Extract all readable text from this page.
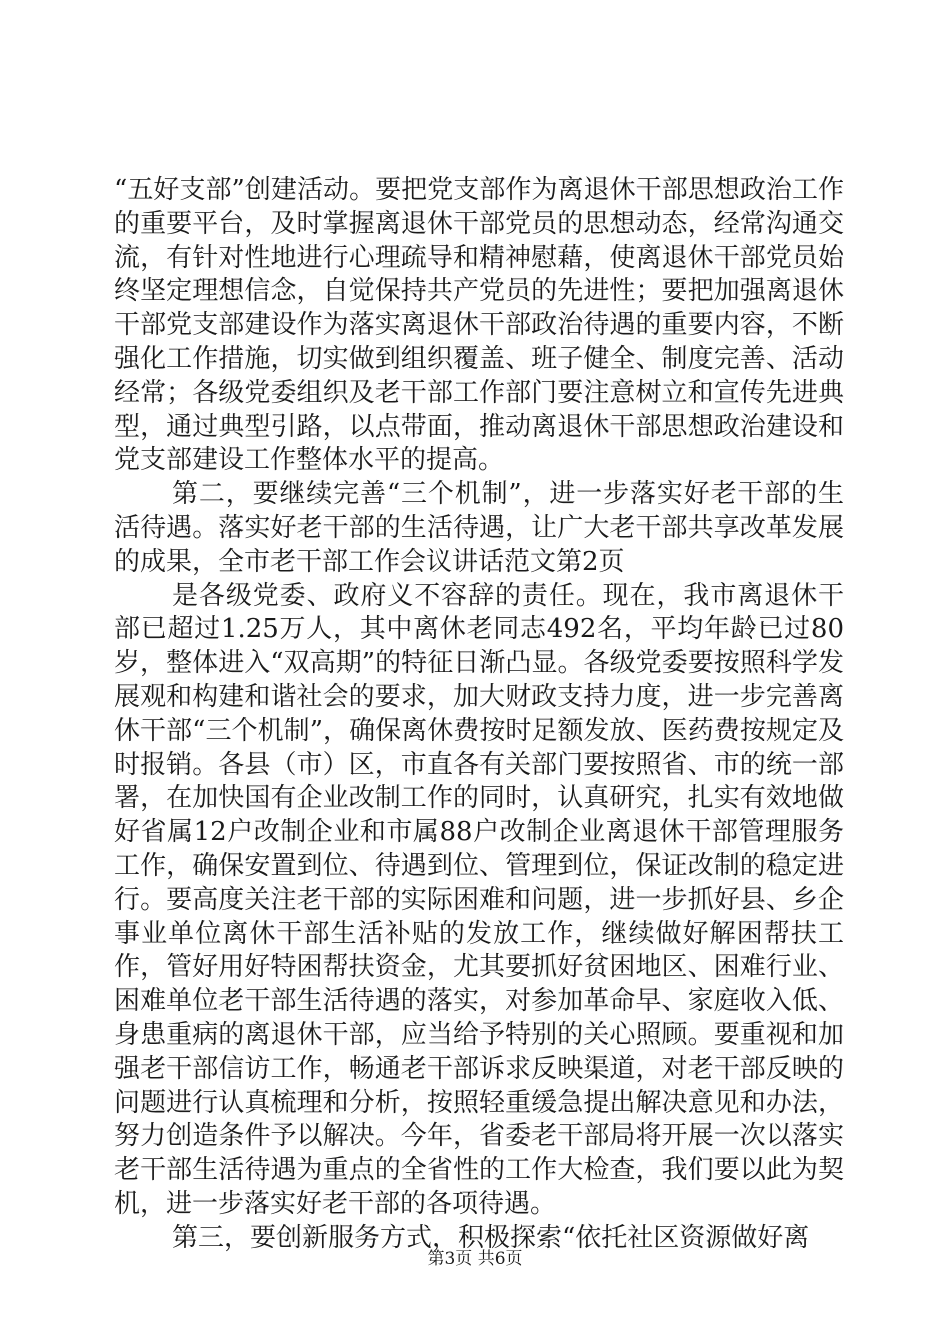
“五好支部”创建活动。要把党支部作为离退休干部思想政治工作的重要平台，及时掌握离退休干部党员的思想动态，经常沟通交流，有针对性地进行心理疏导和精神慰藉，使离退休干部党员始终坚定理想信念，自觉保持共产党员的先进性；要把加强离退休干部党支部建设作为落实离退休干部政治待遇的重要内容，不断强化工作措施，切实做到组织覆盖、班子健全、制度完善、活动经常；各级党委组织及老干部工作部门要注意树立和宣传先进典型，通过典型引路，以点带面，推动离退休干部思想政治建设和党支部建设工作整体水平的提高。

第二，要继续完善“三个机制”，进一步落实好老干部的生活待遇。落实好老干部的生活待遇，让广大老干部共享改革发展的成果，全市老干部工作会议讲话范文第2页

是各级党委、政府义不容辞的责任。现在，我市离退休干部已超过1.25万人，其中离休老同志492名，平均年龄已过80岁，整体进入“双高期”的特征日渐凸显。各级党委要按照科学发展观和构建和谐社会的要求，加大财政支持力度，进一步完善离休干部“三个机制”，确保离休费按时足额发放、医药费按规定及时报销。各县（市）区，市直各有关部门要按照省、市的统一部署，在加快国有企业改制工作的同时，认真研究，扎实有效地做好省属12户改制企业和市属88户改制企业离退休干部管理服务工作，确保安置到位、待遇到位、管理到位，保证改制的稳定进行。要高度关注老干部的实际困难和问题，进一步抓好县、乡企事业单位离休干部生活补贴的发放工作，继续做好解困帮扶工作，管好用好特困帮扶资金，尤其要抓好贫困地区、困难行业、困难单位老干部生活待遇的落实，对参加革命早、家庭收入低、身患重病的离退休干部，应当给予特别的关心照顾。要重视和加强老干部信访工作，畅通老干部诉求反映渠道，对老干部反映的问题进行认真梳理和分析，按照轻重缓急提出解决意见和办法，努力创造条件予以解决。今年，省委老干部局将开展一次以落实老干部生活待遇为重点的全省性的工作大检查，我们要以此为契机，进一步落实好老干部的各项待遇。

第三，要创新服务方式，积极探索“依托社区资源做好离

第3页 共6页
